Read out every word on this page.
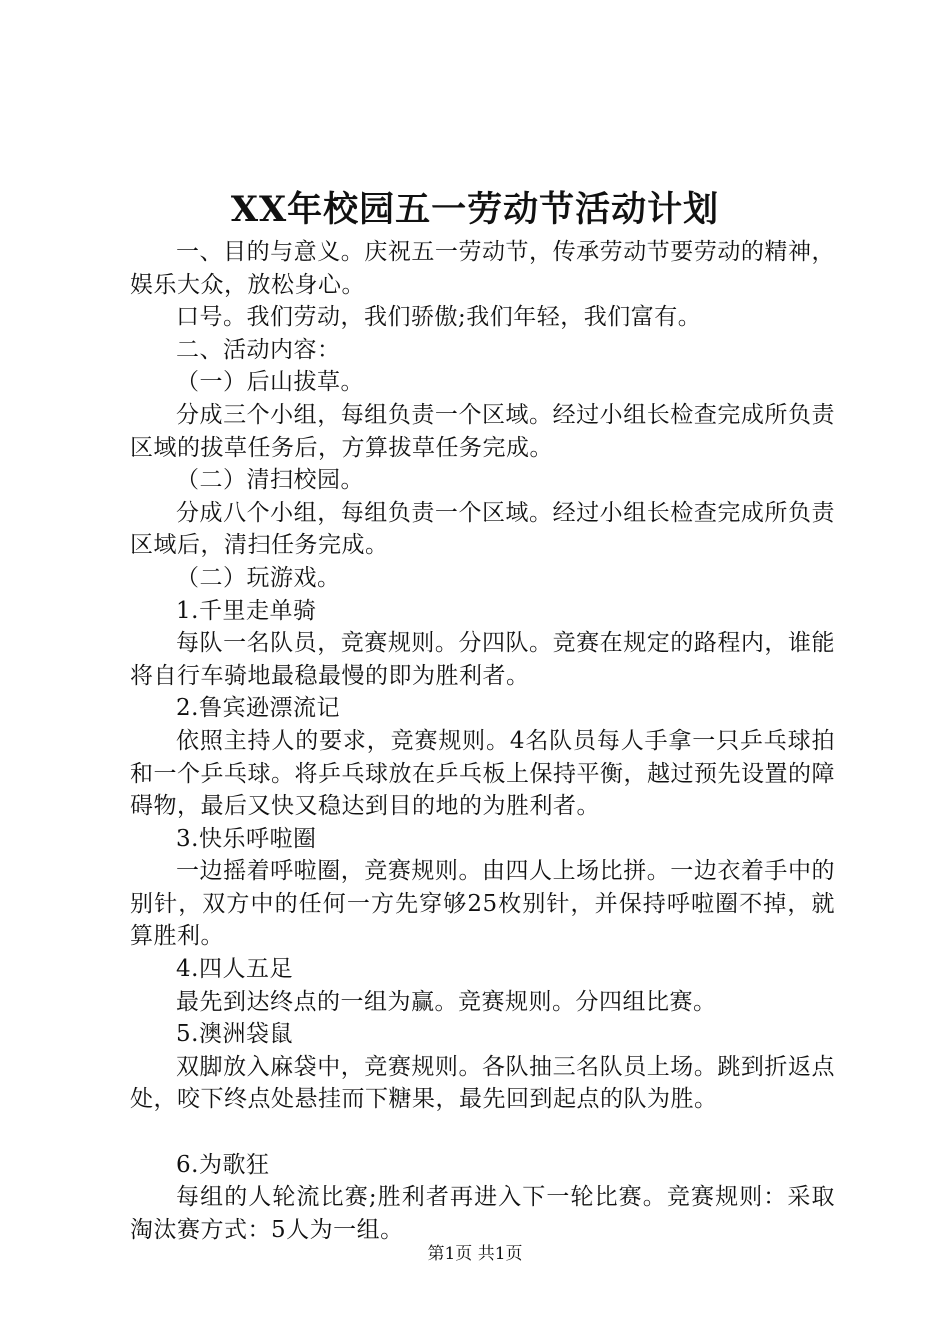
XX年校园五一劳动节活动计划

一、目的与意义。庆祝五一劳动节，传承劳动节要劳动的精神，娱乐大众，放松身心。

口号。我们劳动，我们骄傲;我们年轻，我们富有。

二、活动内容：

（一）后山拔草。

分成三个小组，每组负责一个区域。经过小组长检查完成所负责区域的拔草任务后，方算拔草任务完成。

（二）清扫校园。

分成八个小组，每组负责一个区域。经过小组长检查完成所负责区域后，清扫任务完成。

（二）玩游戏。

1.千里走单骑

每队一名队员，竞赛规则。分四队。竞赛在规定的路程内，谁能将自行车骑地最稳最慢的即为胜利者。

2.鲁宾逊漂流记

依照主持人的要求，竞赛规则。4名队员每人手拿一只乒乓球拍和一个乒乓球。将乒乓球放在乒乓板上保持平衡，越过预先设置的障碍物，最后又快又稳达到目的地的为胜利者。

3.快乐呼啦圈

一边摇着呼啦圈，竞赛规则。由四人上场比拼。一边衣着手中的别针，双方中的任何一方先穿够25枚别针，并保持呼啦圈不掉，就算胜利。

4.四人五足

最先到达终点的一组为赢。竞赛规则。分四组比赛。

5.澳洲袋鼠

双脚放入麻袋中，竞赛规则。各队抽三名队员上场。跳到折返点处，咬下终点处悬挂而下糖果，最先回到起点的队为胜。

6.为歌狂

每组的人轮流比赛;胜利者再进入下一轮比赛。竞赛规则：采取淘汰赛方式：5人为一组。

第1页 共1页
